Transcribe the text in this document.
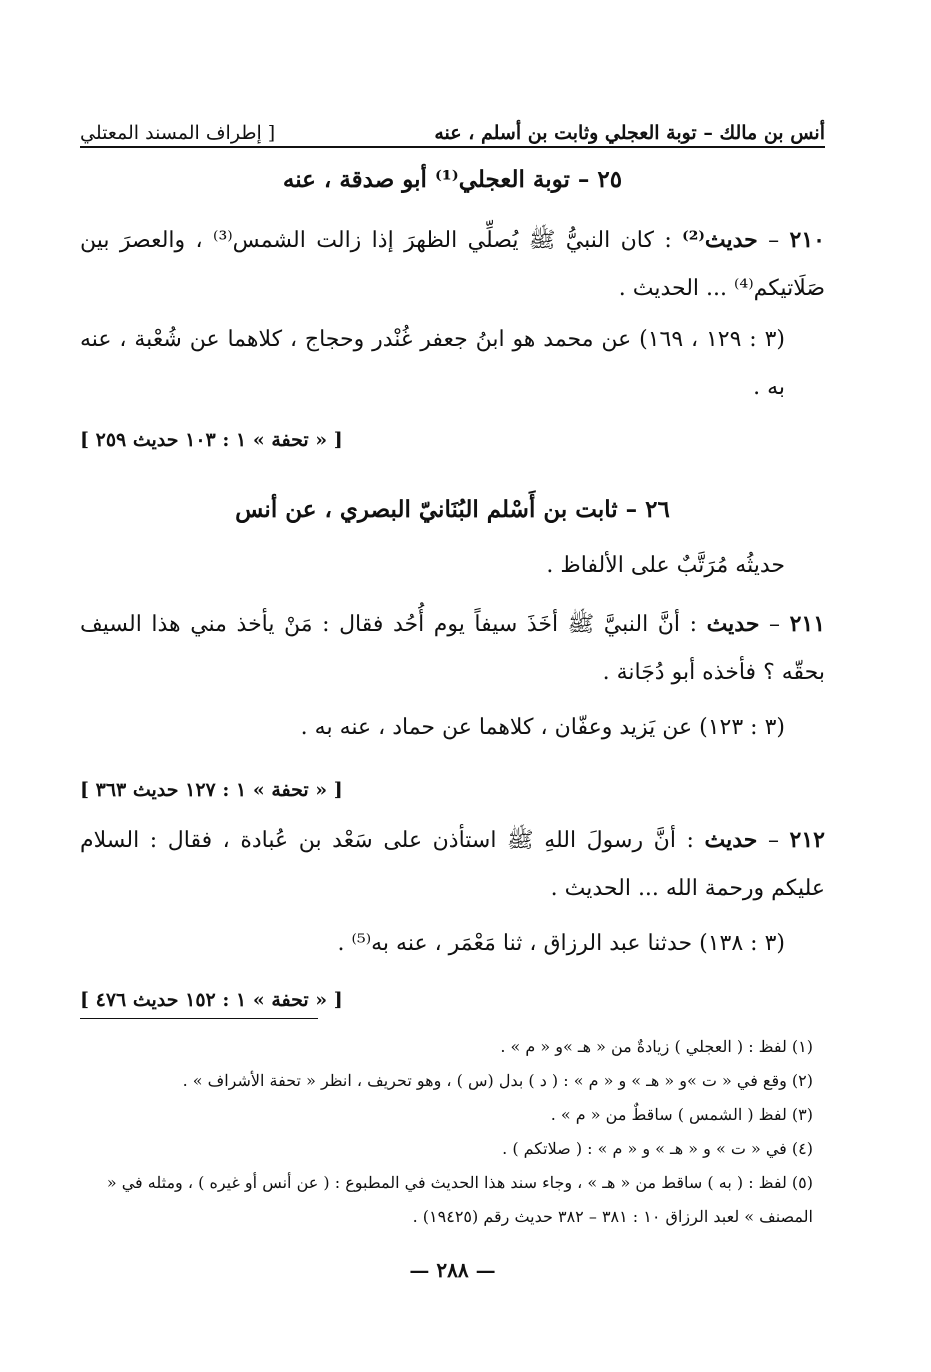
أنس بن مالك – توبة العجلي وثابت بن أسلم ، عنه
[ إطراف المسند المعتلي
٢٥ – توبة العجلي⁽¹⁾ أبو صدقة ، عنه
٢١٠ – حديث⁽²⁾ : كان النبيُّ ﷺ يُصلِّي الظهرَ إذا زالت الشمس⁽³⁾ ، والعصرَ بين صَلَاتيكم⁽⁴⁾ ... الحديث .
(٣ : ١٢٩ ، ١٦٩) عن محمد هو ابنُ جعفر غُنْدر وحجاج ، كلاهما عن شُعْبة ، عنه به .
[ « تحفة » ١ : ١٠٣ حديث ٢٥٩ ]
٢٦ – ثابت بن أَسْلم البُنَانيّ البصري ، عن أنس
حديثُه مُرَتَّبٌ على الألفاظ .
٢١١ – حديث : أنَّ النبيَّ ﷺ أخَذَ سيفاً يوم أُحُد فقال : مَنْ يأخذ مني هذا السيف بحقّه ؟ فأخذه أبو دُجَانة .
(٣ : ١٢٣) عن يَزيد وعفّان ، كلاهما عن حماد ، عنه به .
[ « تحفة » ١ : ١٢٧ حديث ٣٦٣ ]
٢١٢ – حديث : أنَّ رسولَ اللهِ ﷺ استأذن على سَعْد بن عُبادة ، فقال : السلام عليكم ورحمة الله ... الحديث .
(٣ : ١٣٨) حدثنا عبد الرزاق ، ثنا مَعْمَر ، عنه به⁽⁵⁾ .
[ « تحفة » ١ : ١٥٢ حديث ٤٧٦ ]
(١) لفظ : ( العجلي ) زيادةٌ من « هـ »و « م » .
(٢) وقع في « ت »و « هـ » و « م » : ( د ) بدل (س ) ، وهو تحريف ، انظر « تحفة الأشراف » .
(٣) لفظ ( الشمس ) ساقطٌ من « م » .
(٤) في « ت » و « هـ » و « م » : ( صلاتكم ) .
(٥) لفظ : ( به ) ساقط من « هـ » ، وجاء سند هذا الحديث في المطبوع : ( عن أنس أو غيره ) ، ومثله في « المصنف » لعبد الرزاق ١٠ : ٣٨١ – ٣٨٢ حديث رقم (١٩٤٢٥) .
— ٢٨٨ —
